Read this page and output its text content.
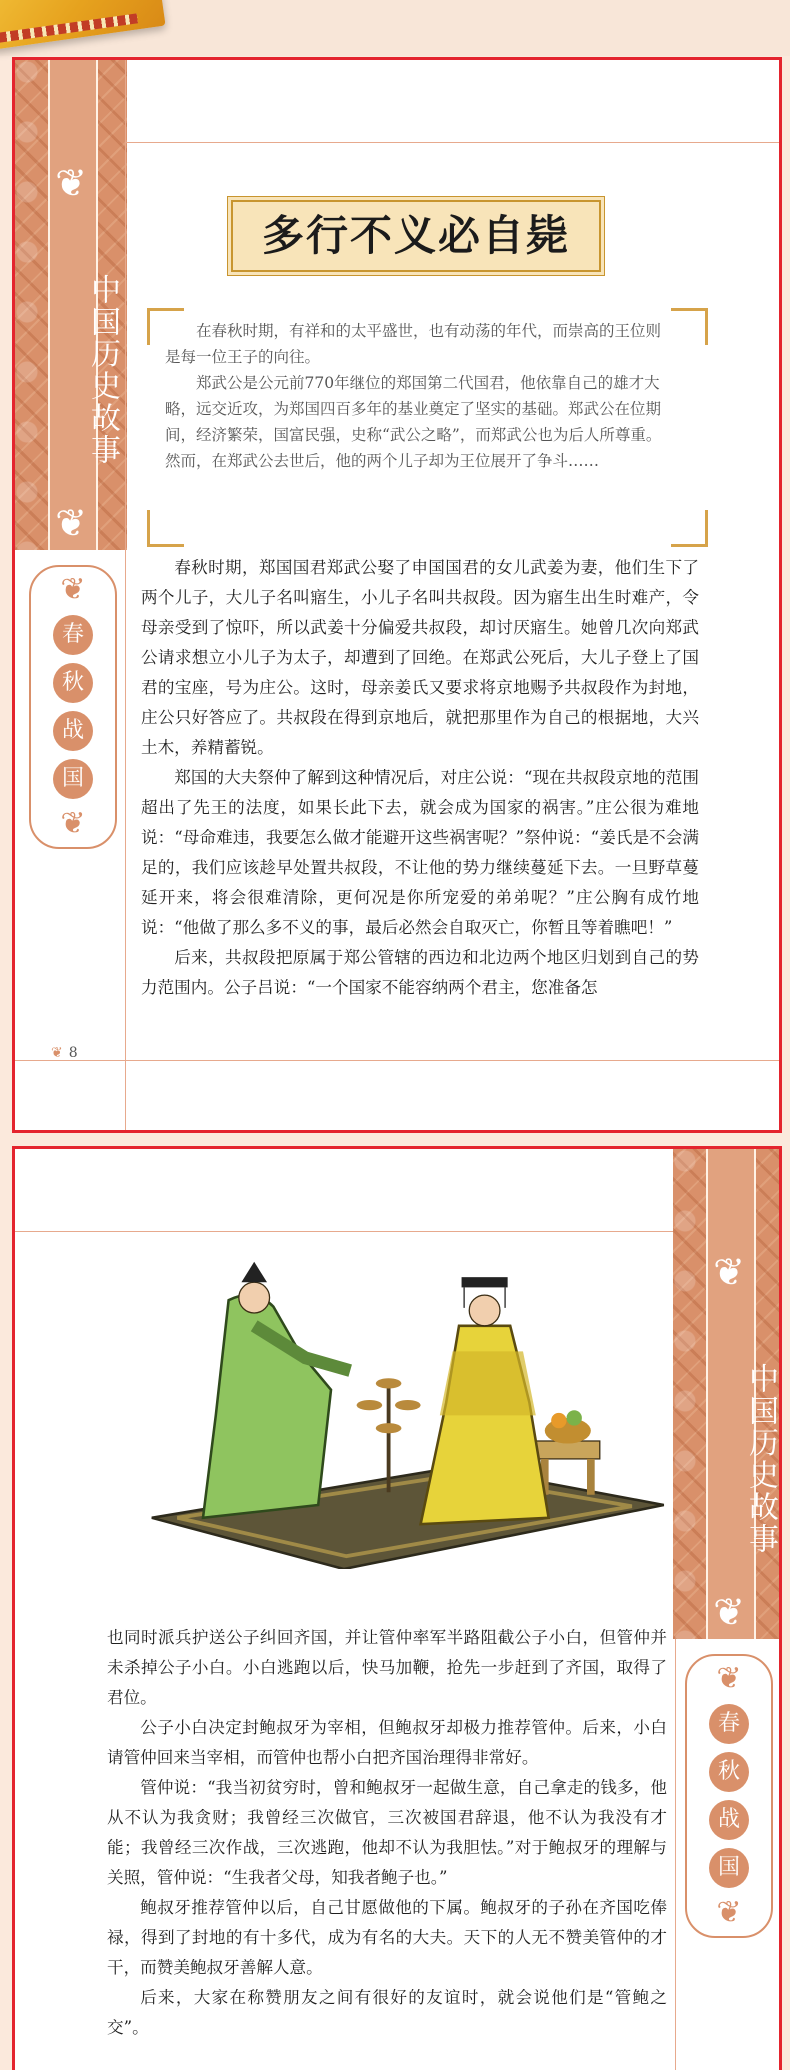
❦
中国历史故事
❦
❦
春
秋
战
国
❦
多行不义必自毙

在春秋时期，有祥和的太平盛世，也有动荡的年代，而崇高的王位则是每一位王子的向往。

郑武公是公元前770年继位的郑国第二代国君，他依靠自己的雄才大略，远交近攻，为郑国四百多年的基业奠定了坚实的基础。郑武公在位期间，经济繁荣，国富民强，史称“武公之略”，而郑武公也为后人所尊重。然而，在郑武公去世后，他的两个儿子却为王位展开了争斗……

春秋时期，郑国国君郑武公娶了申国国君的女儿武姜为妻，他们生下了两个儿子，大儿子名叫寤生，小儿子名叫共叔段。因为寤生出生时难产，令母亲受到了惊吓，所以武姜十分偏爱共叔段，却讨厌寤生。她曾几次向郑武公请求想立小儿子为太子，却遭到了回绝。在郑武公死后，大儿子登上了国君的宝座，号为庄公。这时，母亲姜氏又要求将京地赐予共叔段作为封地，庄公只好答应了。共叔段在得到京地后，就把那里作为自己的根据地，大兴土木，养精蓄锐。

郑国的大夫祭仲了解到这种情况后，对庄公说：“现在共叔段京地的范围超出了先王的法度，如果长此下去，就会成为国家的祸害。”庄公很为难地说：“母命难违，我要怎么做才能避开这些祸害呢？”祭仲说：“姜氏是不会满足的，我们应该趁早处置共叔段，不让他的势力继续蔓延下去。一旦野草蔓延开来，将会很难清除，更何况是你所宠爱的弟弟呢？”庄公胸有成竹地说：“他做了那么多不义的事，最后必然会自取灭亡，你暂且等着瞧吧！”

后来，共叔段把原属于郑公管辖的西边和北边两个地区归划到自己的势力范围内。公子吕说：“一个国家不能容纳两个君主，您准备怎

❦ 8
❦
中国历史故事
❦
❦
春
秋
战
国
❦

也同时派兵护送公子纠回齐国，并让管仲率军半路阻截公子小白，但管仲并未杀掉公子小白。小白逃跑以后，快马加鞭，抢先一步赶到了齐国，取得了君位。

公子小白决定封鲍叔牙为宰相，但鲍叔牙却极力推荐管仲。后来，小白请管仲回来当宰相，而管仲也帮小白把齐国治理得非常好。

管仲说：“我当初贫穷时，曾和鲍叔牙一起做生意，自己拿走的钱多，他从不认为我贪财；我曾经三次做官，三次被国君辞退，他不认为我没有才能；我曾经三次作战，三次逃跑，他却不认为我胆怯。”对于鲍叔牙的理解与关照，管仲说：“生我者父母，知我者鲍子也。”

鲍叔牙推荐管仲以后，自己甘愿做他的下属。鲍叔牙的子孙在齐国吃俸禄，得到了封地的有十多代，成为有名的大夫。天下的人无不赞美管仲的才干，而赞美鲍叔牙善解人意。

后来，大家在称赞朋友之间有很好的友谊时，就会说他们是“管鲍之交”。
